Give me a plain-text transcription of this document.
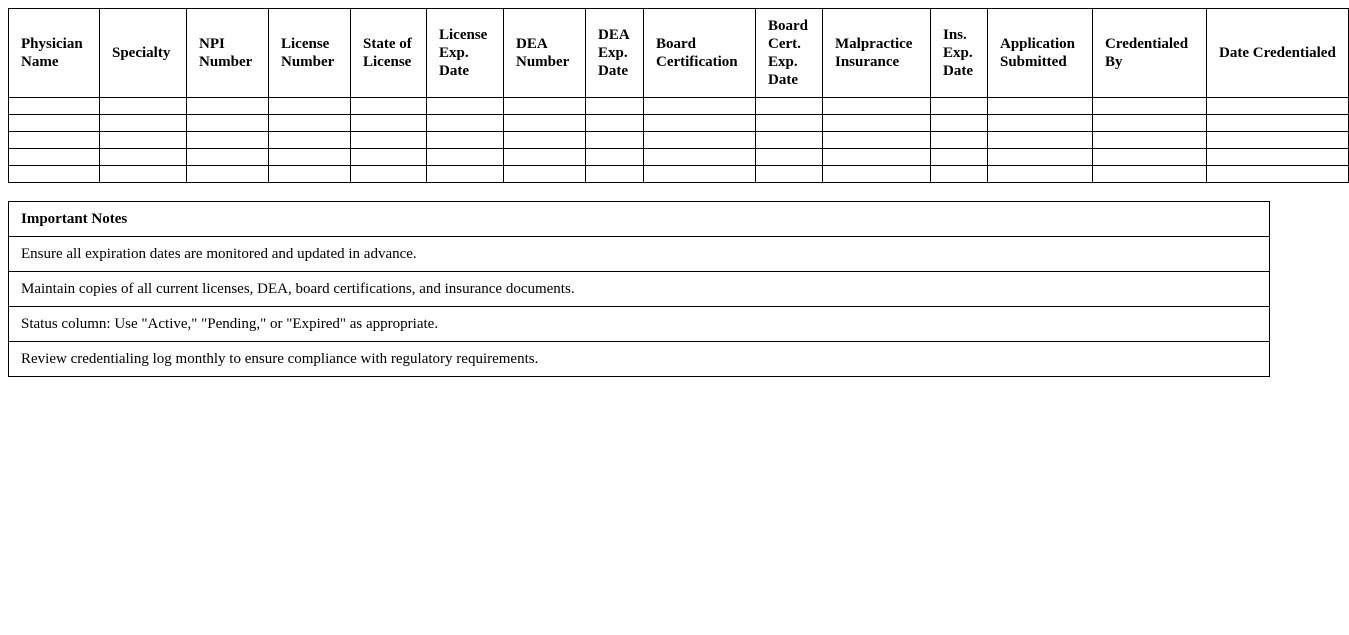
Physician Name	Specialty	NPI Number	License Number	State of License	License Exp. Date	DEA Number	DEA Exp. Date	Board Certification	Board Cert. Exp. Date	Malpractice Insurance	Ins. Exp. Date	Application Submitted	Credentialed By	Date Credentialed

Important Notes
Ensure all expiration dates are monitored and updated in advance.
Maintain copies of all current licenses, DEA, board certifications, and insurance documents.
Status column: Use "Active," "Pending," or "Expired" as appropriate.
Review credentialing log monthly to ensure compliance with regulatory requirements.
